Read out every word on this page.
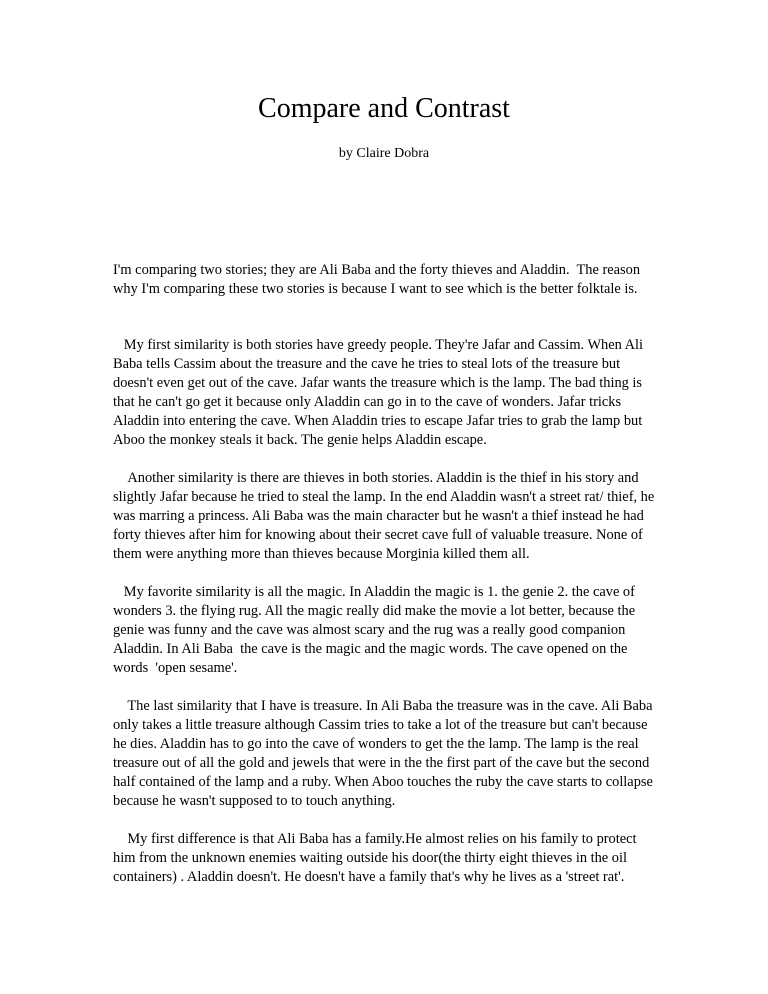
Compare and Contrast

by Claire Dobra

I'm comparing two stories; they are Ali Baba and the forty thieves and Aladdin.  The reason why I'm comparing these two stories is because I want to see which is the better folktale is.

My first similarity is both stories have greedy people. They're Jafar and Cassim. When Ali Baba tells Cassim about the treasure and the cave he tries to steal lots of the treasure but doesn't even get out of the cave. Jafar wants the treasure which is the lamp. The bad thing is that he can't go get it because only Aladdin can go in to the cave of wonders. Jafar tricks Aladdin into entering the cave. When Aladdin tries to escape Jafar tries to grab the lamp but Aboo the monkey steals it back. The genie helps Aladdin escape.

Another similarity is there are thieves in both stories. Aladdin is the thief in his story and slightly Jafar because he tried to steal the lamp. In the end Aladdin wasn't a street rat/ thief, he was marring a princess. Ali Baba was the main character but he wasn't a thief instead he had forty thieves after him for knowing about their secret cave full of valuable treasure. None of them were anything more than thieves because Morginia killed them all.

My favorite similarity is all the magic. In Aladdin the magic is 1. the genie 2. the cave of wonders 3. the flying rug. All the magic really did make the movie a lot better, because the genie was funny and the cave was almost scary and the rug was a really good companion Aladdin. In Ali Baba  the cave is the magic and the magic words. The cave opened on the words  'open sesame'.

The last similarity that I have is treasure. In Ali Baba the treasure was in the cave. Ali Baba only takes a little treasure although Cassim tries to take a lot of the treasure but can't because he dies. Aladdin has to go into the cave of wonders to get the the lamp. The lamp is the real treasure out of all the gold and jewels that were in the the first part of the cave but the second half contained of the lamp and a ruby. When Aboo touches the ruby the cave starts to collapse because he wasn't supposed to to touch anything.

My first difference is that Ali Baba has a family.He almost relies on his family to protect him from the unknown enemies waiting outside his door(the thirty eight thieves in the oil containers) . Aladdin doesn't. He doesn't have a family that's why he lives as a 'street rat'.
